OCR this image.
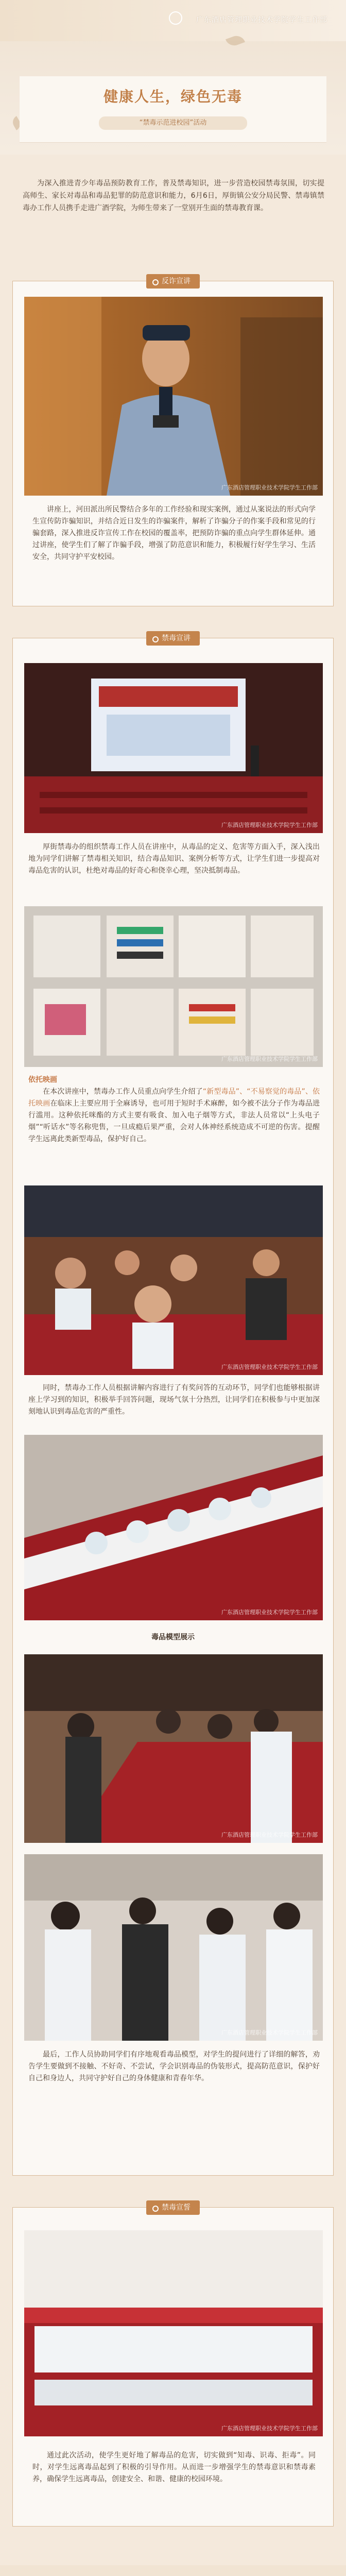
广东酒店管理职业技术学院学生工作部
健康人生，绿色无毒
“禁毒示范进校园”活动
为深入推进青少年毒品预防教育工作，普及禁毒知识，进一步营造校园禁毒氛围，切实提高师生、家长对毒品和毒品犯罪的防范意识和能力，6月6日，厚街镇公安分局民警、禁毒镇禁毒办工作人员携手走进广酒学院，为师生带来了一堂别开生面的禁毒教育课。
反诈宣讲
广东酒店管理职业技术学院学生工作部
讲座上，河田派出所民警结合多年的工作经验和现实案例，通过从案说法的形式向学生宣传防诈骗知识，并结合近日发生的诈骗案件，解析了诈骗分子的作案手段和常见的行骗套路，深入推进反诈宣传工作在校园的覆盖率，把预防诈骗的重点向学生群体延伸。通过讲座，使学生们了解了诈骗手段，增强了防范意识和能力，积极履行好学生学习、生活安全，共同守护平安校园。
禁毒宣讲
广东酒店管理职业技术学院学生工作部
厚街禁毒办的组织禁毒工作人员在讲座中，从毒品的定义、危害等方面入手，深入浅出地为同学们讲解了禁毒相关知识，结合毒品知识、案例分析等方式，让学生们进一步提高对毒品危害的认识，杜绝对毒品的好奇心和侥幸心理，坚决抵制毒品。
广东酒店管理职业技术学院学生工作部
依托映画
在本次讲座中，禁毒办工作人员重点向学生介绍了“新型毒品”、“不易察觉的毒品”、依托映画在临床上主要应用于全麻诱导，也可用于短时手术麻醉，如今被不法分子作为毒品进行滥用。这种依托咪酯的方式主要有吸食、加入电子烟等方式，非法人员常以“上头电子烟”“听话水”等名称兜售，一旦成瘾后果严重，会对人体神经系统造成不可逆的伤害。提醒学生远离此类新型毒品，保护好自己。
广东酒店管理职业技术学院学生工作部
同时，禁毒办工作人员根据讲解内容进行了有奖问答的互动环节，同学们也能够根据讲座上学习到的知识，积极举手回答问题，现场气氛十分热烈，让同学们在积极参与中更加深刻地认识到毒品危害的严重性。
广东酒店管理职业技术学院学生工作部
毒品模型展示
广东酒店管理职业技术学院学生工作部
广东酒店管理职业技术学院学生工作部
最后，工作人员协助同学们有序地观看毒品模型，对学生的提问进行了详细的解答，劝告学生要做到不接触、不好奇、不尝试，学会识别毒品的伪装形式，提高防范意识，保护好自己和身边人，共同守护好自己的身体健康和青春年华。
禁毒宣誓
广东酒店管理职业技术学院学生工作部
通过此次活动，使学生更好地了解毒品的危害，切实做到“知毒、识毒、拒毒”。同时，对学生远离毒品起到了积极的引导作用。从而进一步增强学生的禁毒意识和禁毒素养，确保学生远离毒品，创建安全、和谐、健康的校园环境。
